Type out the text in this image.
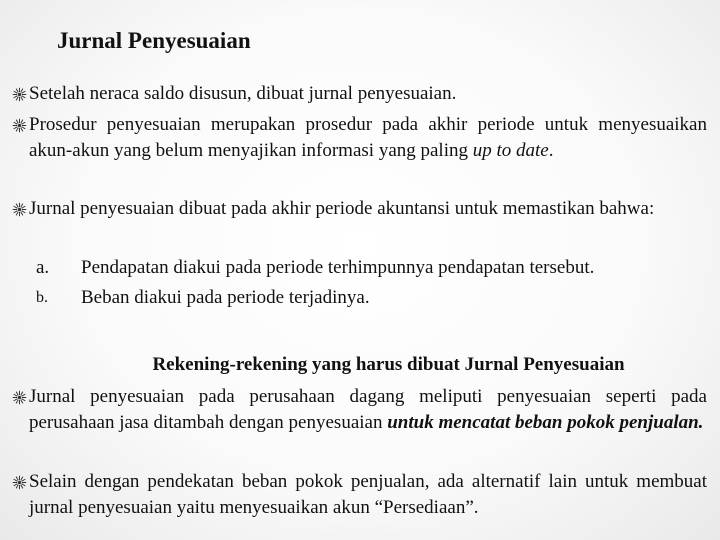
Jurnal Penyesuaian
Setelah neraca saldo disusun, dibuat jurnal penyesuaian.
Prosedur penyesuaian merupakan prosedur pada akhir periode untuk menyesuaikan akun-akun yang belum menyajikan informasi yang paling up to date.
Jurnal penyesuaian dibuat pada akhir periode akuntansi untuk memastikan bahwa:
a. Pendapatan diakui pada periode terhimpunnya pendapatan tersebut.
b. Beban diakui pada periode terjadinya.
Rekening-rekening yang harus dibuat Jurnal Penyesuaian
Jurnal penyesuaian pada perusahaan dagang meliputi penyesuaian seperti pada perusahaan jasa ditambah dengan penyesuaian untuk mencatat beban pokok penjualan.
Selain dengan pendekatan beban pokok penjualan, ada alternatif lain untuk membuat jurnal penyesuaian yaitu menyesuaikan akun “Persediaan”.
